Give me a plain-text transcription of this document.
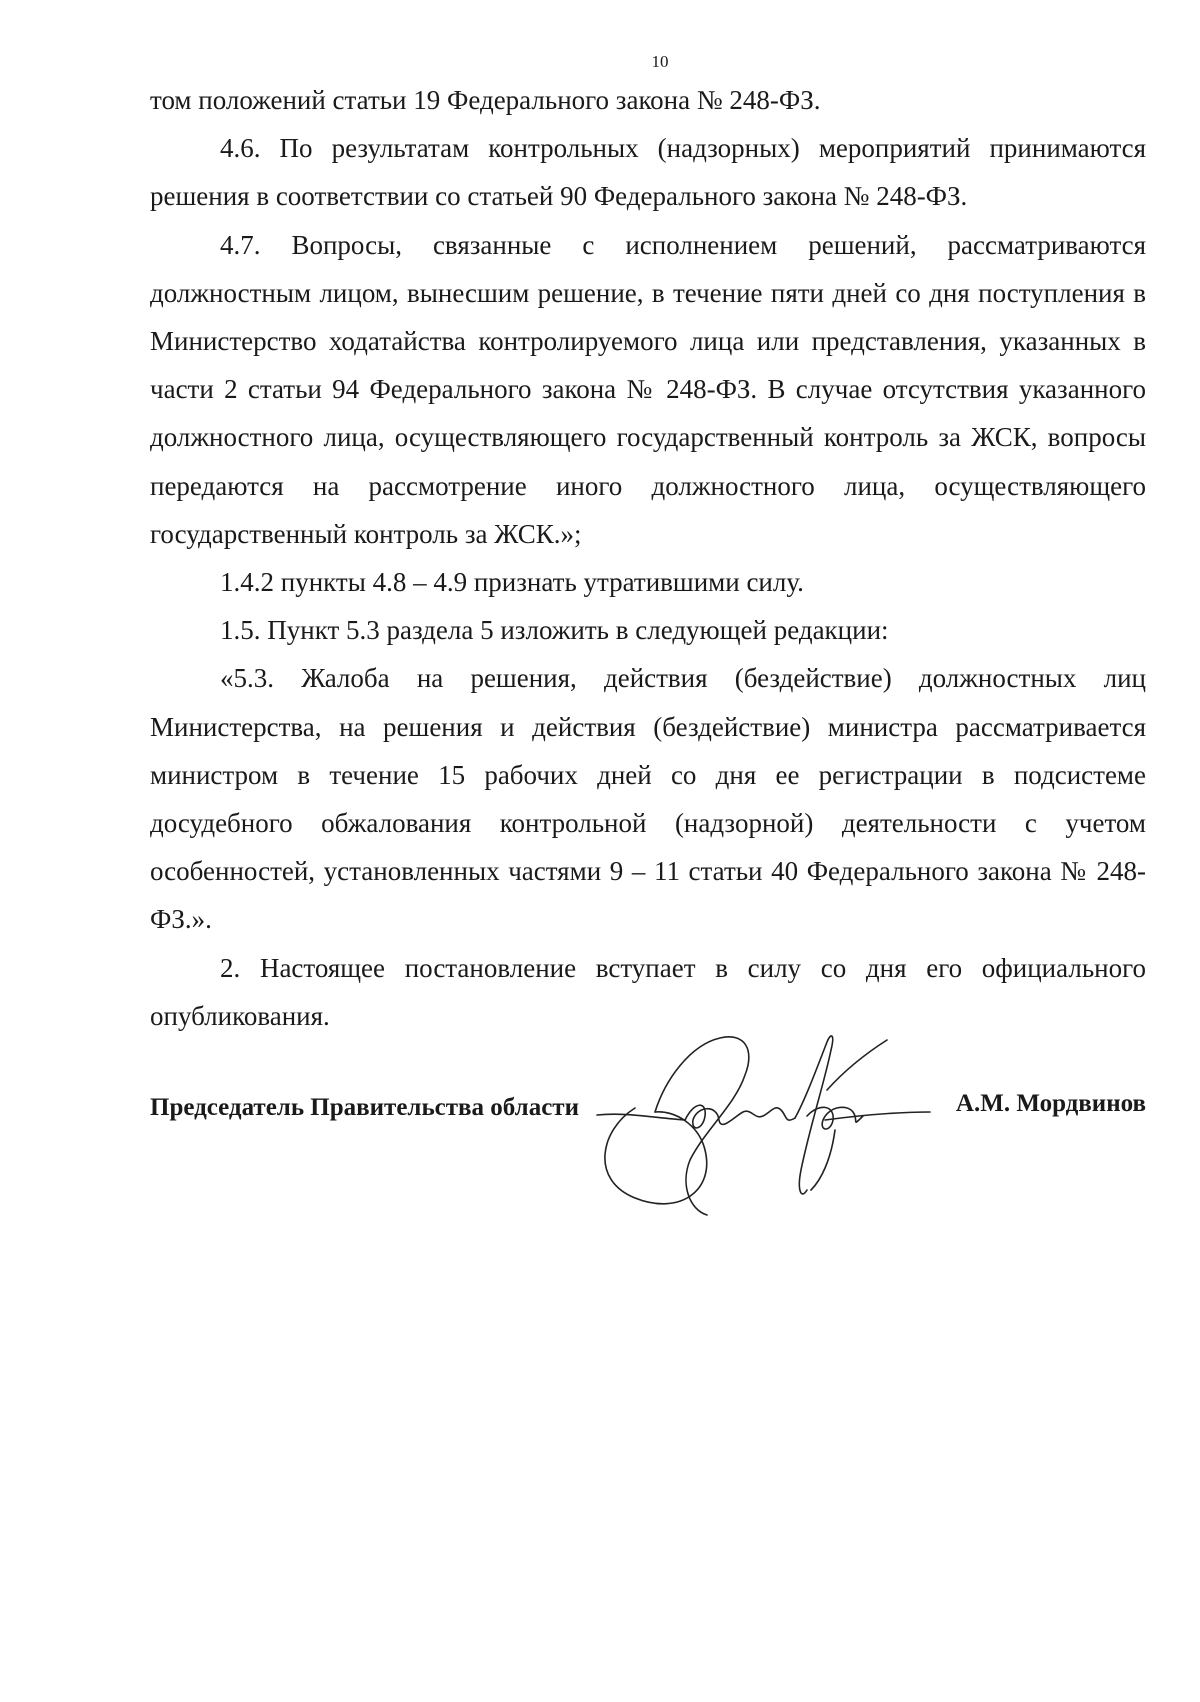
10

том положений статьи 19 Федерального закона № 248-ФЗ.

4.6. По результатам контрольных (надзорных) мероприятий принимаются решения в соответствии со статьей 90 Федерального закона № 248-ФЗ.

4.7. Вопросы, связанные с исполнением решений, рассматриваются должностным лицом, вынесшим решение, в течение пяти дней со дня поступления в Министерство ходатайства контролируемого лица или представления, указанных в части 2 статьи 94 Федерального закона № 248-ФЗ. В случае отсутствия указанного должностного лица, осуществляющего государственный контроль за ЖСК, вопросы передаются на рассмотрение иного должностного лица, осуществляющего государственный контроль за ЖСК.»;

1.4.2 пункты 4.8 – 4.9 признать утратившими силу.

1.5. Пункт 5.3 раздела 5 изложить в следующей редакции:

«5.3. Жалоба на решения, действия (бездействие) должностных лиц Министерства, на решения и действия (бездействие) министра рассматривается министром в течение 15 рабочих дней со дня ее регистрации в подсистеме досудебного обжалования контрольной (надзорной) деятельности с учетом особенностей, установленных частями 9 – 11 статьи 40 Федерального закона № 248-ФЗ.».

2. Настоящее постановление вступает в силу со дня его официального опубликования.

Председатель Правительства области	А.М. Мордвинов
